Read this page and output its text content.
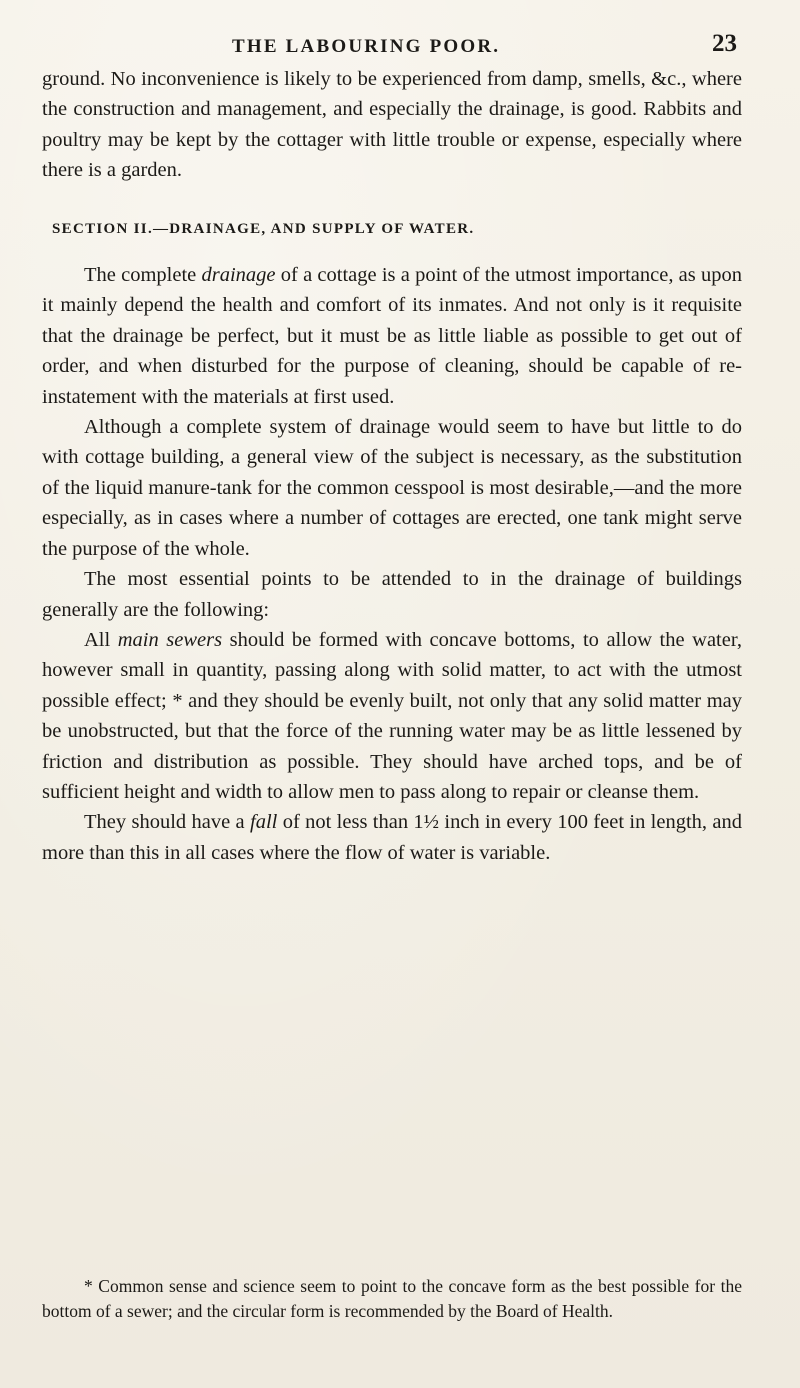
THE LABOURING POOR.	23

ground. No inconvenience is likely to be experienced from damp, smells, &c., where the construction and management, and especially the drainage, is good. Rabbits and poultry may be kept by the cottager with little trouble or expense, especially where there is a garden.

SECTION II.—DRAINAGE, AND SUPPLY OF WATER.

The complete drainage of a cottage is a point of the utmost importance, as upon it mainly depend the health and comfort of its inmates. And not only is it requisite that the drainage be perfect, but it must be as little liable as possible to get out of order, and when disturbed for the purpose of cleaning, should be capable of re-instatement with the materials at first used.

Although a complete system of drainage would seem to have but little to do with cottage building, a general view of the subject is necessary, as the substitution of the liquid manure-tank for the common cesspool is most desirable,—and the more especially, as in cases where a number of cottages are erected, one tank might serve the purpose of the whole.

The most essential points to be attended to in the drainage of buildings generally are the following:

All main sewers should be formed with concave bottoms, to allow the water, however small in quantity, passing along with solid matter, to act with the utmost possible effect; * and they should be evenly built, not only that any solid matter may be unobstructed, but that the force of the running water may be as little lessened by friction and distribution as possible. They should have arched tops, and be of sufficient height and width to allow men to pass along to repair or cleanse them.

They should have a fall of not less than 1½ inch in every 100 feet in length, and more than this in all cases where the flow of water is variable.

* Common sense and science seem to point to the concave form as the best possible for the bottom of a sewer; and the circular form is recommended by the Board of Health.
